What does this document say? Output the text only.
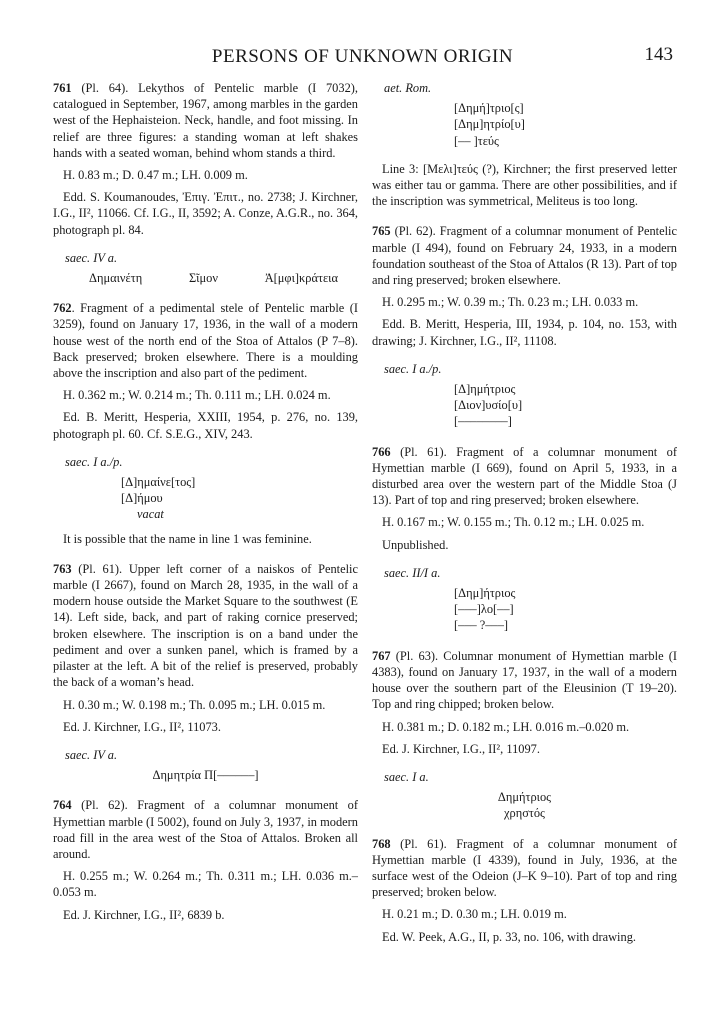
PERSONS OF UNKNOWN ORIGIN	143

761 (Pl. 64). Lekythos of Pentelic marble (I 7032), catalogued in September, 1967, among marbles in the garden west of the Hephaisteion. Neck, handle, and foot missing. In relief are three figures: a standing woman at left shakes hands with a seated woman, behind whom stands a third.

H. 0.83 m.; D. 0.47 m.; LH. 0.009 m.

Edd. S. Koumanoudes, Ἐπιγ. Ἐπιτ., no. 2738; J. Kirchner, I.G., II², 11066. Cf. I.G., II, 3592; A. Conze, A.G.R., no. 364, photograph pl. 84.

saec. IV a.

Δημαινέτη	Σῖμον	Ἀ[μφι]κράτεια

762. Fragment of a pedimental stele of Pentelic marble (I 3259), found on January 17, 1936, in the wall of a modern house west of the north end of the Stoa of Attalos (P 7–8). Back preserved; broken elsewhere. There is a moulding above the inscription and also part of the pediment.

H. 0.362 m.; W. 0.214 m.; Th. 0.111 m.; LH. 0.024 m.

Ed. B. Meritt, Hesperia, XXIII, 1954, p. 276, no. 139, photograph pl. 60. Cf. S.E.G., XIV, 243.

saec. I a./p.

[Δ]ημαίνε[τος]
[Δ]ήμου
vacat

It is possible that the name in line 1 was feminine.

763 (Pl. 61). Upper left corner of a naiskos of Pentelic marble (I 2667), found on March 28, 1935, in the wall of a modern house outside the Market Square to the southwest (E 14). Left side, back, and part of raking cornice preserved; broken elsewhere. The inscription is on a band under the pediment and over a sunken panel, which is framed by a pilaster at the left. A bit of the relief is preserved, probably the back of a woman’s head.

H. 0.30 m.; W. 0.198 m.; Th. 0.095 m.; LH. 0.015 m.

Ed. J. Kirchner, I.G., II², 11073.

saec. IV a.

Δημητρία Π[––––––]

764 (Pl. 62). Fragment of a columnar monument of Hymettian marble (I 5002), found on July 3, 1937, in modern road fill in the area west of the Stoa of Attalos. Broken all around.

H. 0.255 m.; W. 0.264 m.; Th. 0.311 m.; LH. 0.036 m.–0.053 m.

Ed. J. Kirchner, I.G., II², 6839 b.

aet. Rom.

[Δημή]τριο[ς]
[Δημ]ητρίο[υ]
[–– ]τεύς

Line 3: [Μελι]τεύς (?), Kirchner; the first preserved letter was either tau or gamma. There are other possibilities, and if the inscription was symmetrical, Meliteus is too long.

765 (Pl. 62). Fragment of a columnar monument of Pentelic marble (I 494), found on February 24, 1933, in a modern foundation southeast of the Stoa of Attalos (R 13). Part of top and ring preserved; broken elsewhere.

H. 0.295 m.; W. 0.39 m.; Th. 0.23 m.; LH. 0.033 m.

Edd. B. Meritt, Hesperia, III, 1934, p. 104, no. 153, with drawing; J. Kirchner, I.G., II², 11108.

saec. I a./p.

[Δ]ημήτριος
[Διον]υσίο[υ]
[––––––––]

766 (Pl. 61). Fragment of a columnar monument of Hymettian marble (I 669), found on April 5, 1933, in a disturbed area over the western part of the Middle Stoa (J 13). Part of top and ring preserved; broken elsewhere.

H. 0.167 m.; W. 0.155 m.; Th. 0.12 m.; LH. 0.025 m.

Unpublished.

saec. II/I a.

[Δημ]ήτριος
[–––]λο[––]
[––– ?–––]

767 (Pl. 63). Columnar monument of Hymettian marble (I 4383), found on January 17, 1937, in the wall of a modern house over the southern part of the Eleusinion (T 19–20). Top and ring chipped; broken below.

H. 0.381 m.; D. 0.182 m.; LH. 0.016 m.–0.020 m.

Ed. J. Kirchner, I.G., II², 11097.

saec. I a.

Δημήτριος
χρηστός

768 (Pl. 61). Fragment of a columnar monument of Hymettian marble (I 4339), found in July, 1936, at the surface west of the Odeion (J–K 9–10). Part of top and ring preserved; broken below.

H. 0.21 m.; D. 0.30 m.; LH. 0.019 m.

Ed. W. Peek, A.G., II, p. 33, no. 106, with drawing.
